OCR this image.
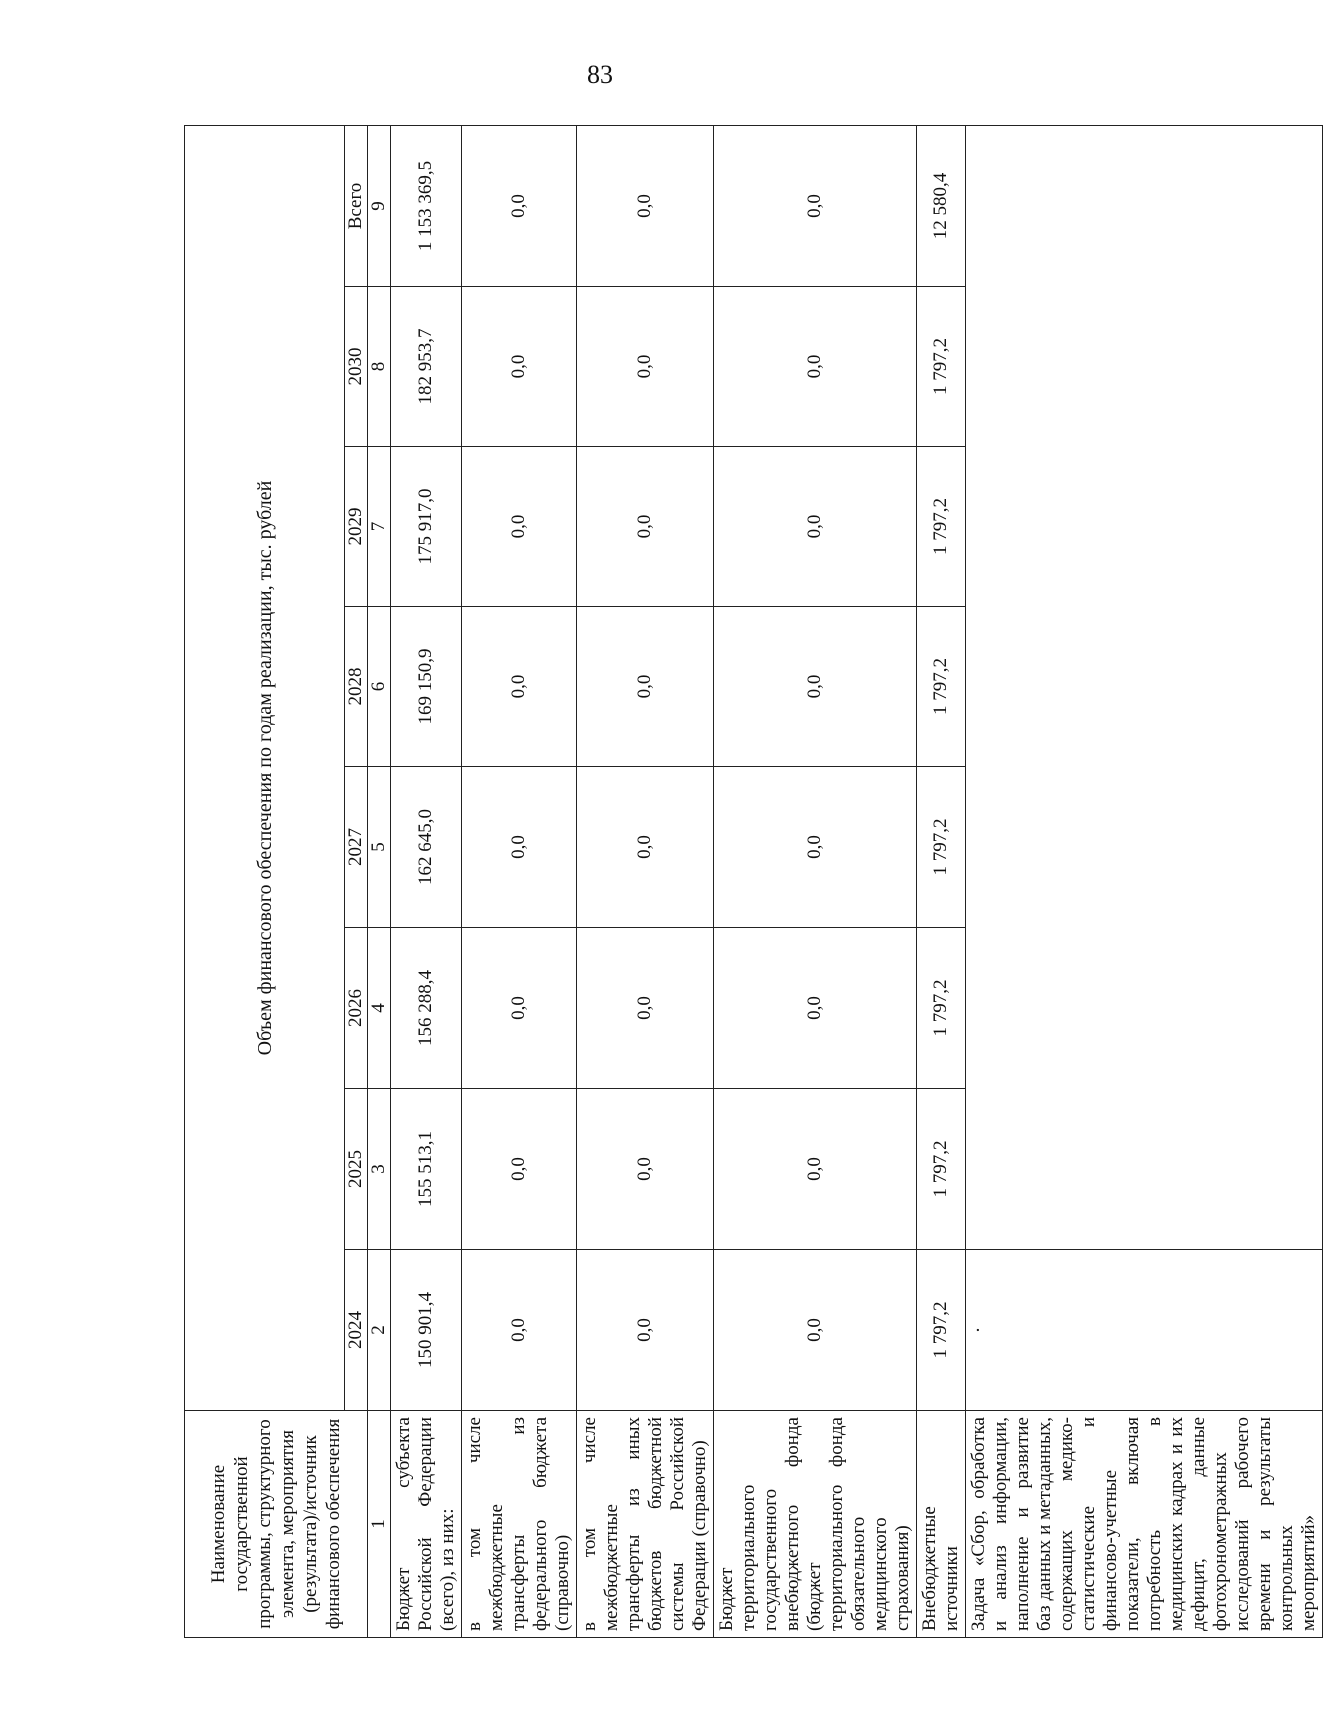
83
Наименование государственной программы, структурного элемента, мероприятия (результата)/источник финансового обеспечения	Объем финансового обеспечения по годам реализации, тыс. рублей							
	2024	2025	2026	2027	2028	2029	2030	Всего
1	2	3	4	5	6	7	8	9
Бюджет субъекта Российской Федерации (всего), из них:	150 901,4	155 513,1	156 288,4	162 645,0	169 150,9	175 917,0	182 953,7	1 153 369,5
в том числе межбюджетные трансферты из федерального бюджета (справочно)	0,0	0,0	0,0	0,0	0,0	0,0	0,0	0,0
в том числе межбюджетные трансферты из иных бюджетов бюджетной системы Российской Федерации (справочно)	0,0	0,0	0,0	0,0	0,0	0,0	0,0	0,0
Бюджет территориального государственного внебюджетного фонда (бюджет территориального фонда обязательного медицинского страхования)	0,0	0,0	0,0	0,0	0,0	0,0	0,0	0,0
Внебюджетные источники	1 797,2	1 797,2	1 797,2	1 797,2	1 797,2	1 797,2	1 797,2	12 580,4
Задача «Сбор, обработка и анализ информации, наполнение и развитие баз данных и метаданных, содержащих медико-статистические и финансово-учетные показатели, включая потребность в медицинских кадрах и их дефицит, данные фотохронометражных исследований рабочего времени и результаты контрольных мероприятий»	·							
